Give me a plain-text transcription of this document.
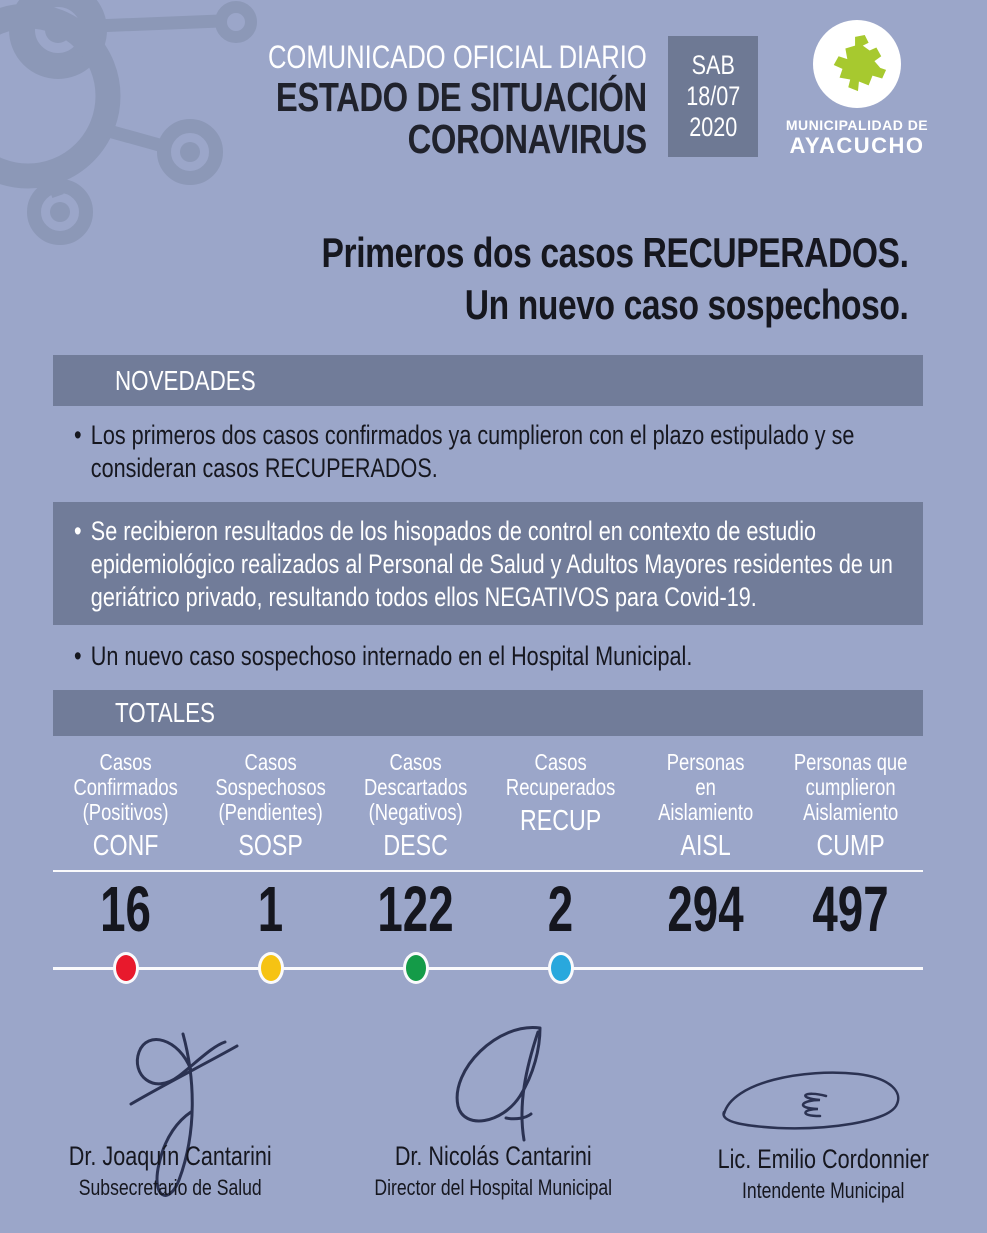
COMUNICADO OFICIAL DIARIO
ESTADO DE SITUACIÓN
CORONAVIRUS
SAB
18/07
2020	MUNICIPALIDAD DE
AYACUCHO
Primeros dos casos RECUPERADOS.
Un nuevo caso sospechoso.
NOVEDADES
• Los primeros dos casos confirmados ya cumplieron con el plazo estipulado y se consideran casos RECUPERADOS.
• Se recibieron resultados de los hisopados de control en contexto de estudio epidemiológico realizados al Personal de Salud y Adultos Mayores residentes de un geriátrico privado, resultando todos ellos NEGATIVOS para Covid-19.
• Un nuevo caso sospechoso internado en el Hospital Municipal.
TOTALES
Casos
Confirmados
(Positivos)
CONF
Casos
Sospechosos
(Pendientes)
SOSP
Casos
Descartados
(Negativos)
DESC
Casos
Recuperados
RECUP
Personas
en
Aislamiento
AISL
Personas que
cumplieron
Aislamiento
CUMP
16	1	122	2	294	497
Dr. Joaquín Cantarini
Subsecretario de Salud
Dr. Nicolás Cantarini
Director del Hospital Municipal
Lic. Emilio Cordonnier
Intendente Municipal
